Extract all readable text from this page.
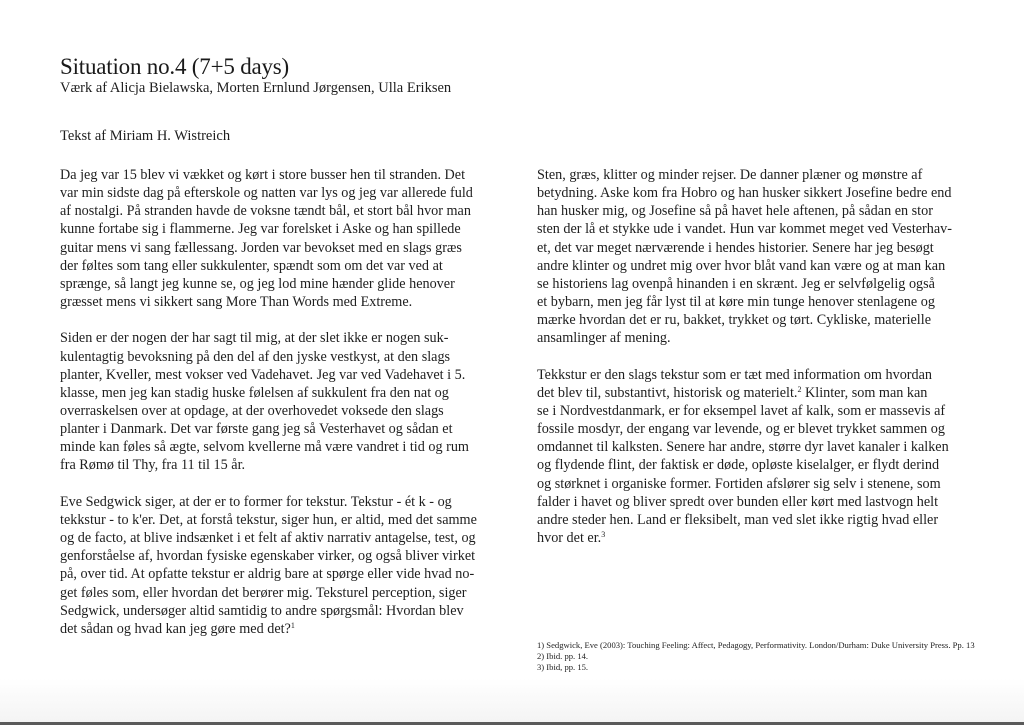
Situation no.4 (7+5 days)

Værk af Alicja Bielawska, Morten Ernlund Jørgensen, Ulla Eriksen

Tekst af Miriam H. Wistreich

Da jeg var 15 blev vi vækket og kørt i store busser hen til stranden. Det
var min sidste dag på efterskole og natten var lys og jeg var allerede fuld
af nostalgi. På stranden havde de voksne tændt bål, et stort bål hvor man
kunne fortabe sig i flammerne. Jeg var forelsket i Aske og han spillede
guitar mens vi sang fællessang. Jorden var bevokset med en slags græs
der føltes som tang eller sukkulenter, spændt som om det var ved at
sprænge, så langt jeg kunne se, og jeg lod mine hænder glide henover
græsset mens vi sikkert sang More Than Words med Extreme.

Siden er der nogen der har sagt til mig, at der slet ikke er nogen suk-
kulentagtig bevoksning på den del af den jyske vestkyst, at den slags
planter, Kveller, mest vokser ved Vadehavet. Jeg var ved Vadehavet i 5.
klasse, men jeg kan stadig huske følelsen af sukkulent fra den nat og
overraskelsen over at opdage, at der overhovedet voksede den slags
planter i Danmark. Det var første gang jeg så Vesterhavet og sådan et
minde kan føles så ægte, selvom kvellerne må være vandret i tid og rum
fra Rømø til Thy, fra 11 til 15 år.

Eve Sedgwick siger, at der er to former for tekstur. Tekstur - ét k - og
tekkstur - to k'er. Det, at forstå tekstur, siger hun, er altid, med det samme
og de facto, at blive indsænket i et felt af aktiv narrativ antagelse, test, og
genforståelse af, hvordan fysiske egenskaber virker, og også bliver virket
på, over tid. At opfatte tekstur er aldrig bare at spørge eller vide hvad no-
get føles som, eller hvordan det berører mig. Teksturel perception, siger
Sedgwick, undersøger altid samtidig to andre spørgsmål: Hvordan blev
det sådan og hvad kan jeg gøre med det?$^1$

Sten, græs, klitter og minder rejser. De danner plæner og mønstre af
betydning. Aske kom fra Hobro og han husker sikkert Josefine bedre end
han husker mig, og Josefine så på havet hele aftenen, på sådan en stor
sten der lå et stykke ude i vandet. Hun var kommet meget ved Vesterhav-
et, det var meget nærværende i hendes historier. Senere har jeg besøgt
andre klinter og undret mig over hvor blåt vand kan være og at man kan
se historiens lag ovenpå hinanden i en skrænt. Jeg er selvfølgelig også
et bybarn, men jeg får lyst til at køre min tunge henover stenlagene og
mærke hvordan det er ru, bakket, trykket og tørt. Cykliske, materielle
ansamlinger af mening.

Tekkstur er den slags tekstur som er tæt med information om hvordan
det blev til, substantivt, historisk og materielt.$^2$ Klinter, som man kan
se i Nordvestdanmark, er for eksempel lavet af kalk, som er massevis af
fossile mosdyr, der engang var levende, og er blevet trykket sammen og
omdannet til kalksten. Senere har andre, større dyr lavet kanaler i kalken
og flydende flint, der faktisk er døde, opløste kiselalger, er flydt derind
og størknet i organiske former. Fortiden afslører sig selv i stenene, som
falder i havet og bliver spredt over bunden eller kørt med lastvogn helt
andre steder hen. Land er fleksibelt, man ved slet ikke rigtig hvad eller
hvor det er.$^3$

1) Sedgwick, Eve (2003): Touching Feeling: Affect, Pedagogy, Performativity. London/Durham: Duke University Press. Pp. 13
2) Ibid. pp. 14.
3) Ibid, pp. 15.
